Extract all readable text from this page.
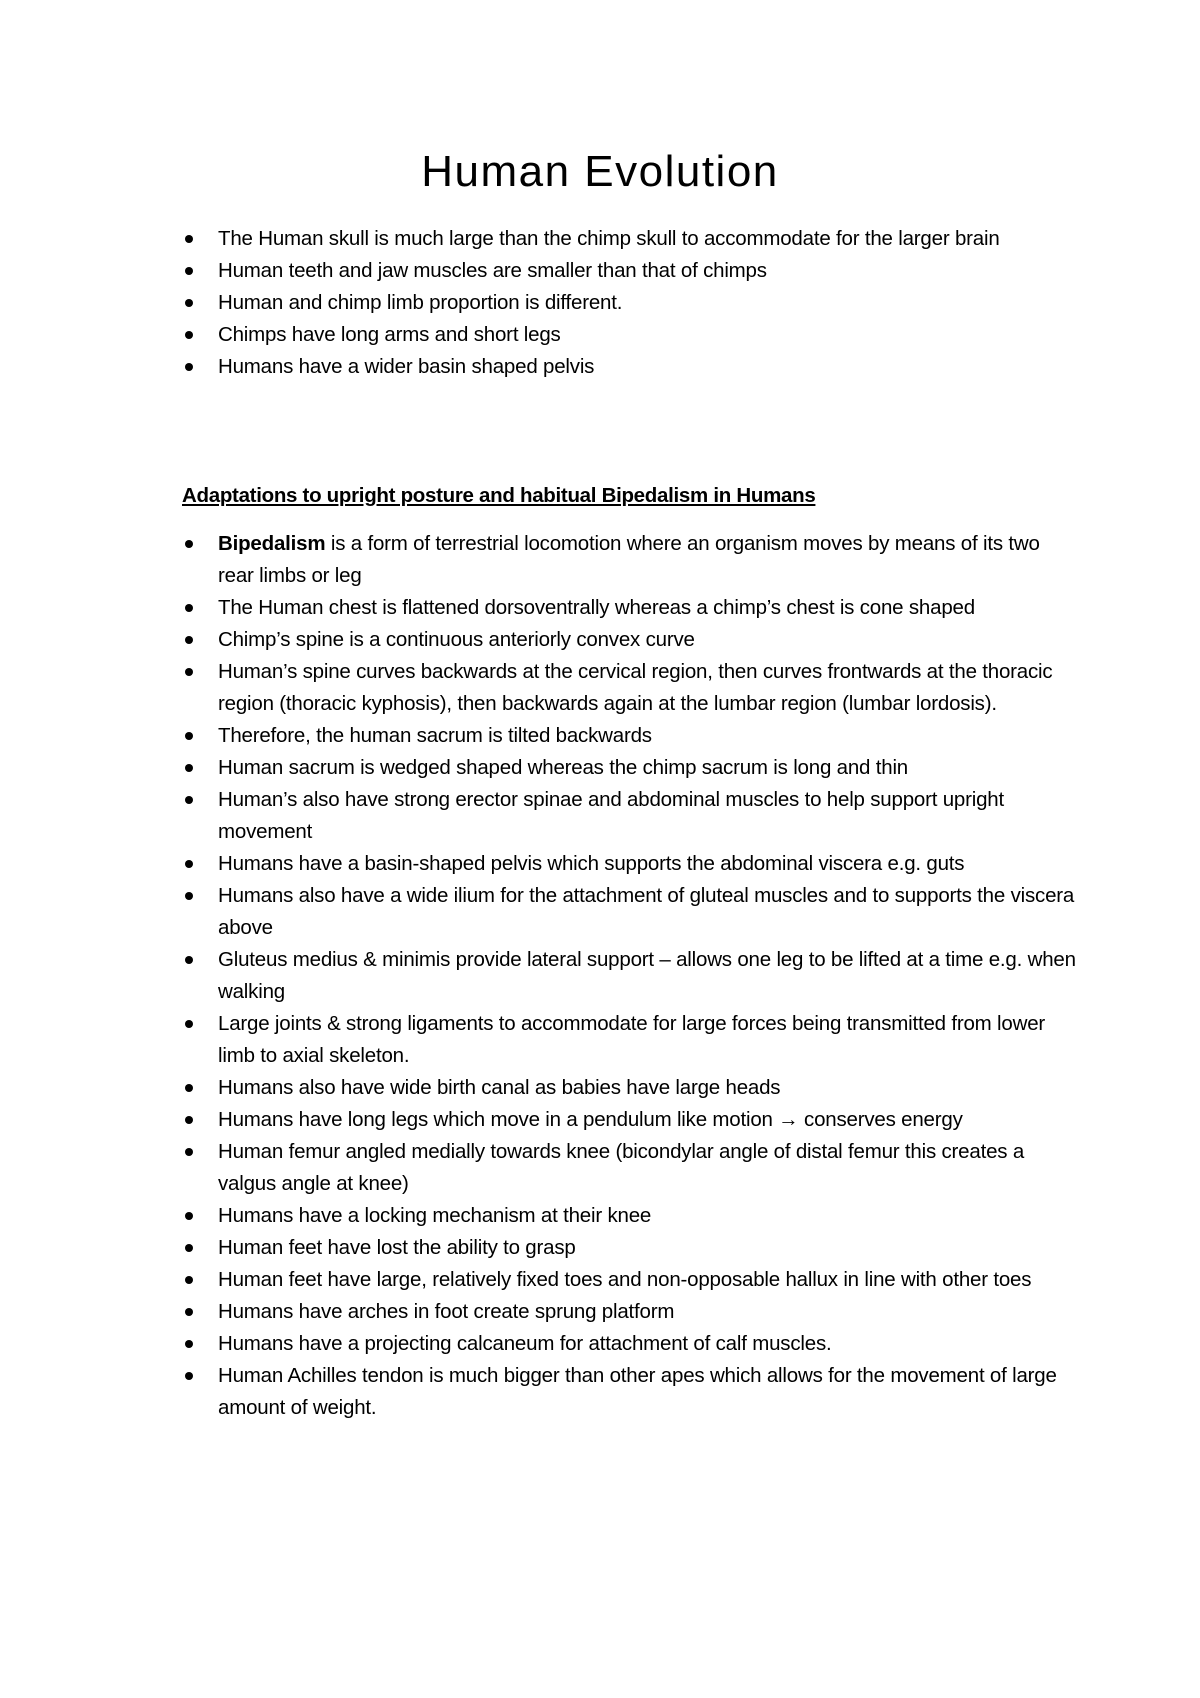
Human Evolution
The Human skull is much large than the chimp skull to accommodate for the larger brain
Human teeth and jaw muscles are smaller than that of chimps
Human and chimp limb proportion is different.
Chimps have long arms and short legs
Humans have a wider basin shaped pelvis
Adaptations to upright posture and habitual Bipedalism in Humans
Bipedalism is a form of terrestrial locomotion where an organism moves by means of its two rear limbs or leg
The Human chest is flattened dorsoventrally whereas a chimp’s chest is cone shaped
Chimp’s spine is a continuous anteriorly convex curve
Human’s spine curves backwards at the cervical region, then curves frontwards at the thoracic region (thoracic kyphosis), then backwards again at the lumbar region (lumbar lordosis).
Therefore, the human sacrum is tilted backwards
Human sacrum is wedged shaped whereas the chimp sacrum is long and thin
Human’s also have strong erector spinae and abdominal muscles to help support upright movement
Humans have a basin-shaped pelvis which supports the abdominal viscera e.g. guts
Humans also have a wide ilium for the attachment of gluteal muscles and to supports the viscera above
Gluteus medius & minimis provide lateral support – allows one leg to be lifted at a time e.g. when walking
Large joints & strong ligaments to accommodate for large forces being transmitted from lower limb to axial skeleton.
Humans also have wide birth canal as babies have large heads
Humans have long legs which move in a pendulum like motion → conserves energy
Human femur angled medially towards knee (bicondylar angle of distal femur this creates a valgus angle at knee)
Humans have a locking mechanism at their knee
Human feet have lost the ability to grasp
Human feet have large, relatively fixed toes and non-opposable hallux in line with other toes
Humans have arches in foot create sprung platform
Humans have a projecting calcaneum for attachment of calf muscles.
Human Achilles tendon is much bigger than other apes which allows for the movement of large amount of weight.
